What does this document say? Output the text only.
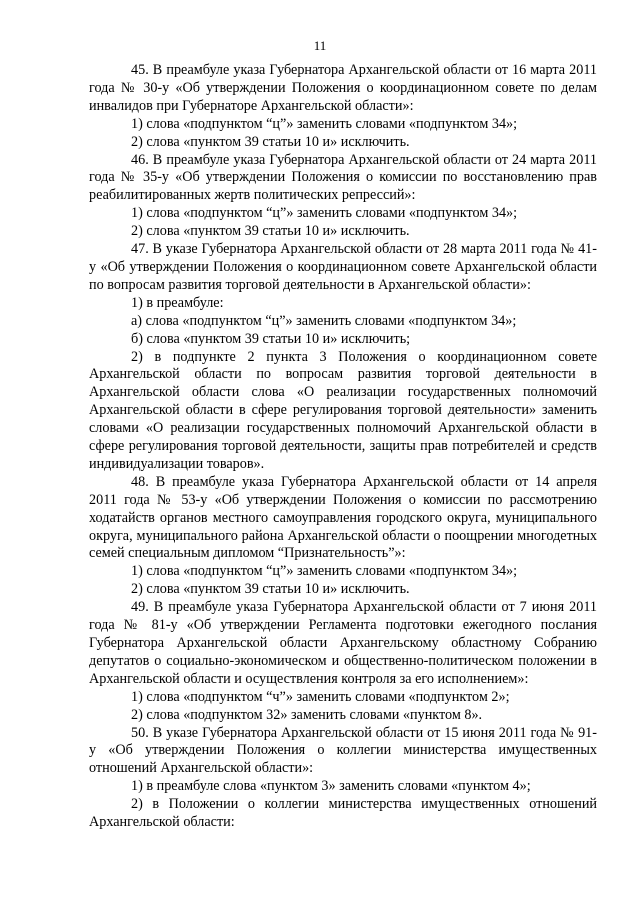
11

45. В преамбуле указа Губернатора Архангельской области от 16 марта 2011 года № 30-у «Об утверждении Положения о координационном совете по делам инвалидов при Губернаторе Архангельской области»:

1) слова «подпунктом “ц”» заменить словами «подпунктом 34»;

2) слова «пунктом 39 статьи 10 и» исключить.

46. В преамбуле указа Губернатора Архангельской области от 24 марта 2011 года № 35-у «Об утверждении Положения о комиссии по восстановлению прав реабилитированных жертв политических репрессий»:

1) слова «подпунктом “ц”» заменить словами «подпунктом 34»;

2) слова «пунктом 39 статьи 10 и» исключить.

47. В указе Губернатора Архангельской области от 28 марта 2011 года № 41-у «Об утверждении Положения о координационном совете Архангельской области по вопросам развития торговой деятельности в Архангельской области»:

1) в преамбуле:

а) слова «подпунктом “ц”» заменить словами «подпунктом 34»;

б) слова «пунктом 39 статьи 10 и» исключить;

2) в подпункте 2 пункта 3 Положения о координационном совете Архангельской области по вопросам развития торговой деятельности в Архангельской области слова «О реализации государственных полномочий Архангельской области в сфере регулирования торговой деятельности» заменить словами «О реализации государственных полномочий Архангельской области в сфере регулирования торговой деятельности, защиты прав потребителей и средств индивидуализации товаров».

48. В преамбуле указа Губернатора Архангельской области от 14 апреля 2011 года № 53-у «Об утверждении Положения о комиссии по рассмотрению ходатайств органов местного самоуправления городского округа, муниципального округа, муниципального района Архангельской области о поощрении многодетных семей специальным дипломом “Признательность”»:

1) слова «подпунктом “ц”» заменить словами «подпунктом 34»;

2) слова «пунктом 39 статьи 10 и» исключить.

49. В преамбуле указа Губернатора Архангельской области от 7 июня 2011 года № 81-у «Об утверждении Регламента подготовки ежегодного послания Губернатора Архангельской области Архангельскому областному Собранию депутатов о социально-экономическом и общественно-политическом положении в Архангельской области и осуществления контроля за его исполнением»:

1) слова «подпунктом “ч”» заменить словами «подпунктом 2»;

2) слова «подпунктом 32» заменить словами «пунктом 8».

50. В указе Губернатора Архангельской области от 15 июня 2011 года № 91-у «Об утверждении Положения о коллегии министерства имущественных отношений Архангельской области»:

1) в преамбуле слова «пунктом 3» заменить словами «пунктом 4»;

2) в Положении о коллегии министерства имущественных отношений Архангельской области:
